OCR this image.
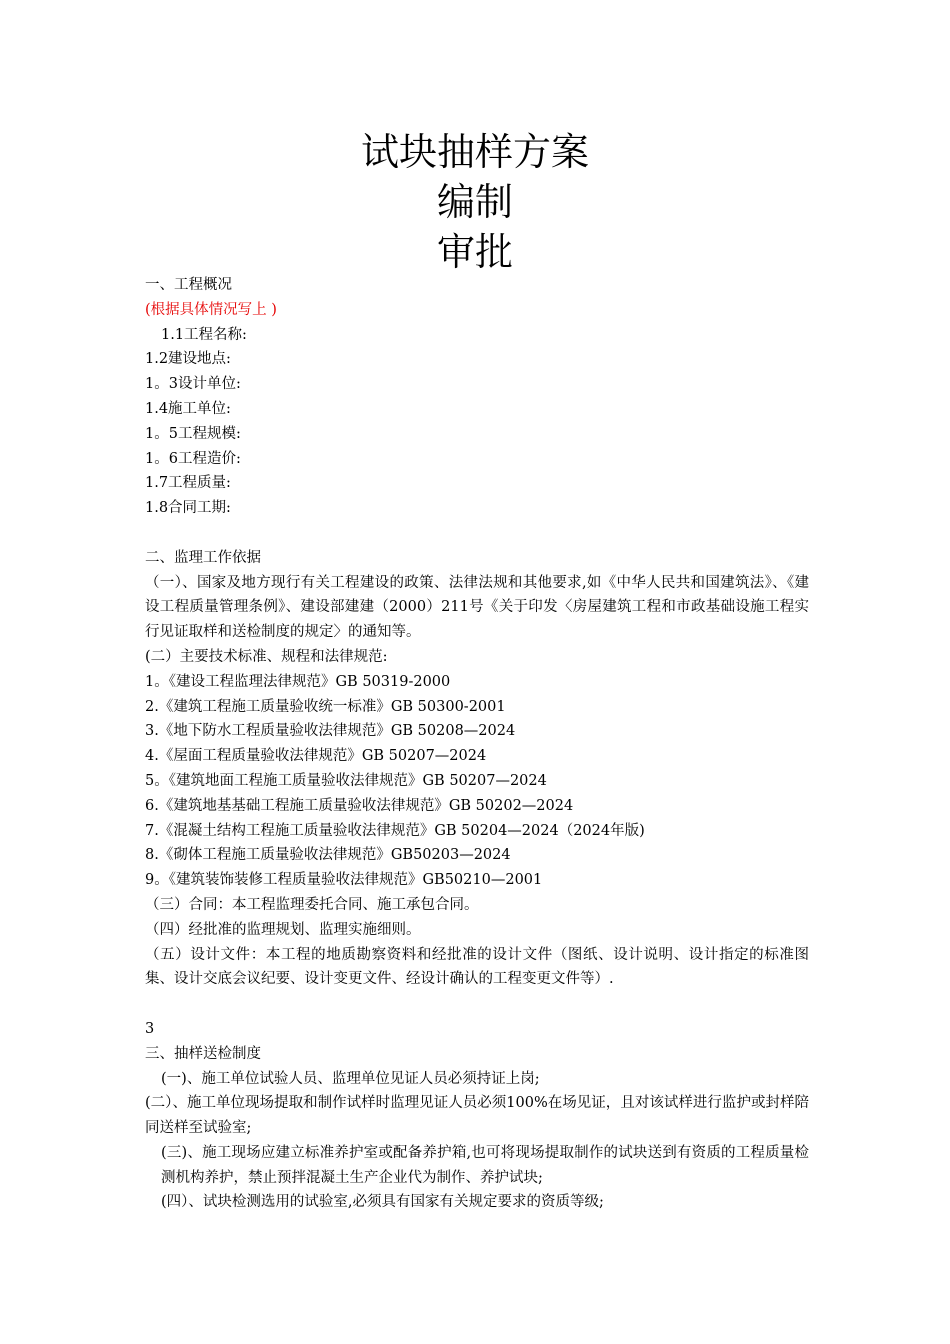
试块抽样方案
编制
审批

一、工程概况

(根据具体情况写上 )

1.1工程名称:

1.2建设地点:

1。3设计单位:

1.4施工单位:

1。5工程规模:

1。6工程造价:

1.7工程质量:

1.8合同工期:

二、监理工作依据

（一）、国家及地方现行有关工程建设的政策、法律法规和其他要求,如《中华人民共和国建筑法》、《建设工程质量管理条例》、建设部建建（2000）211号《关于印发〈房屋建筑工程和市政基础设施工程实行见证取样和送检制度的规定〉的通知等。

(二）主要技术标准、规程和法律规范:

1。《建设工程监理法律规范》GB 50319-2000

2.《建筑工程施工质量验收统一标准》GB 50300-2001

3.《地下防水工程质量验收法律规范》GB 50208—2024

4.《屋面工程质量验收法律规范》GB 50207—2024

5。《建筑地面工程施工质量验收法律规范》GB 50207—2024

6.《建筑地基基础工程施工质量验收法律规范》GB 50202—2024

7.《混凝土结构工程施工质量验收法律规范》GB 50204—2024（2024年版)

8.《砌体工程施工质量验收法律规范》GB50203—2024

9。《建筑装饰装修工程质量验收法律规范》GB50210—2001

（三）合同：本工程监理委托合同、施工承包合同。

（四）经批准的监理规划、监理实施细则。

（五）设计文件：本工程的地质勘察资料和经批准的设计文件（图纸、设计说明、设计指定的标准图集、设计交底会议纪要、设计变更文件、经设计确认的工程变更文件等）.

3

三、抽样送检制度

(一)、施工单位试验人员、监理单位见证人员必须持证上岗;

(二）、施工单位现场提取和制作试样时监理见证人员必须100%在场见证，且对该试样进行监护或封样陪同送样至试验室;

(三)、施工现场应建立标准养护室或配备养护箱,也可将现场提取制作的试块送到有资质的工程质量检测机构养护，禁止预拌混凝土生产企业代为制作、养护试块;

(四）、试块检测选用的试验室,必须具有国家有关规定要求的资质等级;
